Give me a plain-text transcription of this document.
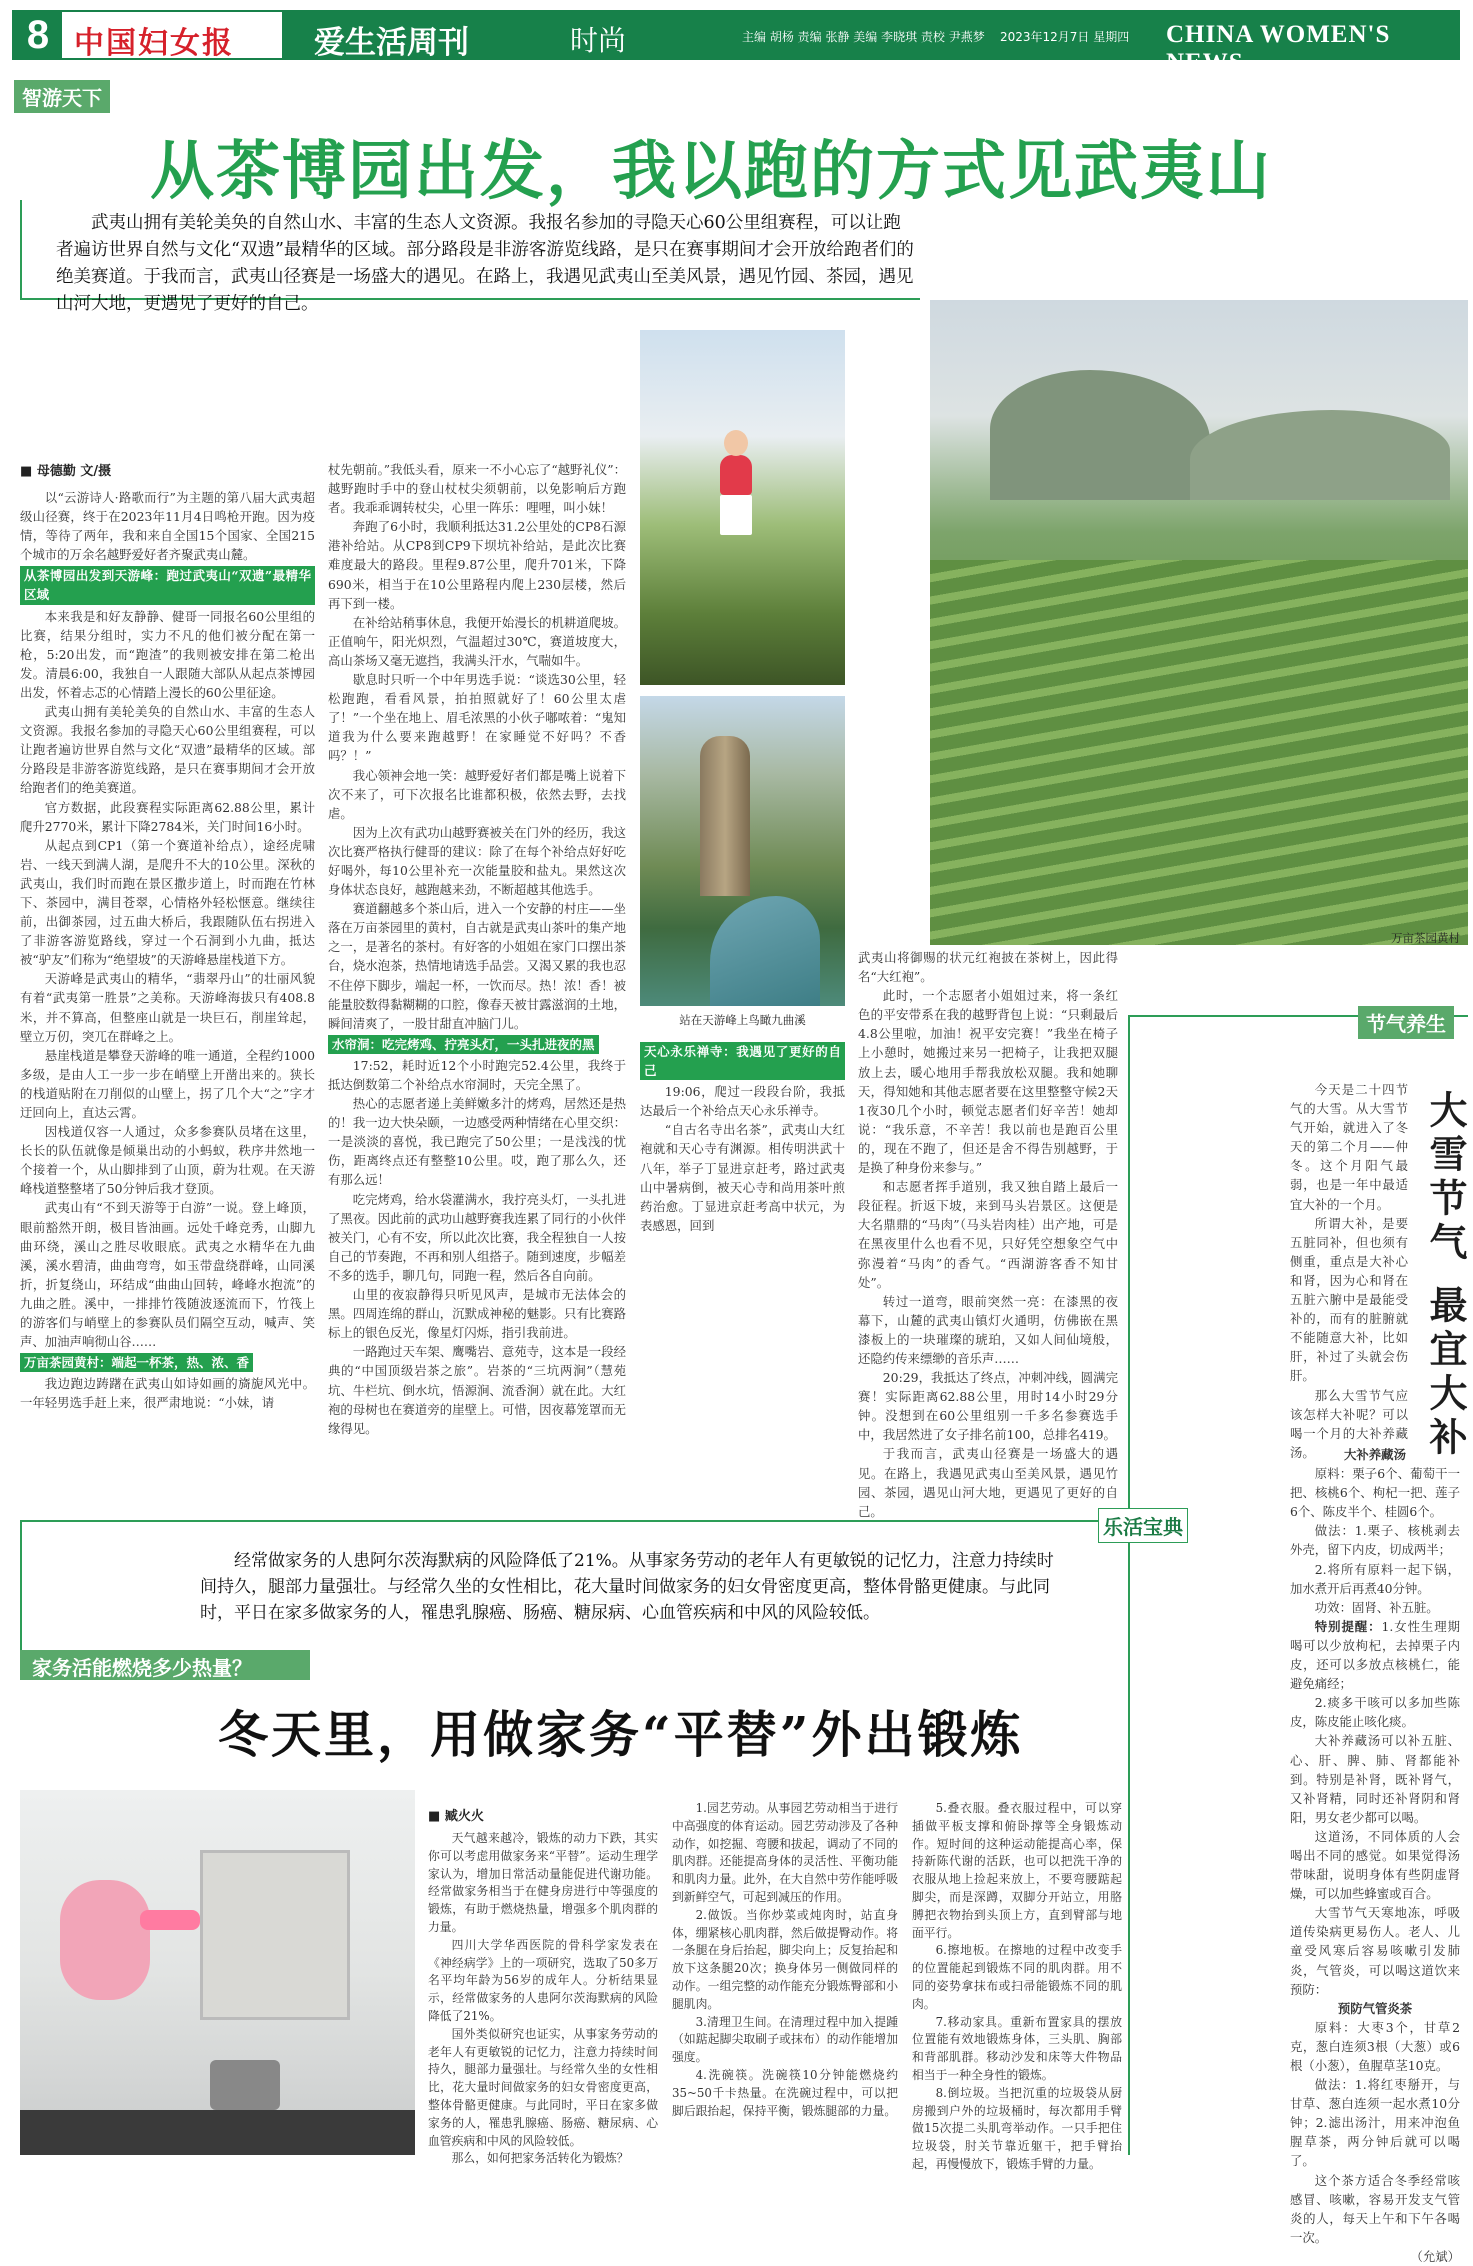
8 中国妇女报	爱生活周刊	时尚	主编 胡杨 责编 张静 美编 李晓琪 责校 尹燕梦 2023年12月7日 星期四 CHINA WOMEN'S NEWS
智游天下
从茶博园出发，我以跑的方式见武夷山
武夷山拥有美轮美奂的自然山水、丰富的生态人文资源。我报名参加的寻隐天心60公里组赛程，可以让跑者遍访世界自然与文化“双遗”最精华的区域。部分路段是非游客游览线路，是只在赛事期间才会开放给跑者们的绝美赛道。于我而言，武夷山径赛是一场盛大的遇见。在路上，我遇见武夷山至美风景，遇见竹园、茶园，遇见山河大地，更遇见了更好的自己。
站在天游峰上鸟瞰九曲溪
万亩茶园黄村
■ 母德勤 文/摄

以“云游诗人·路歌而行”为主题的第八届大武夷超级山径赛，终于在2023年11月4日鸣枪开跑。因为疫情，等待了两年，我和来自全国15个国家、全国215个城市的万余名越野爱好者齐聚武夷山麓。

从茶博园出发到天游峰：跑过武夷山“双遗”最精华区域

本来我是和好友静静、健哥一同报名60公里组的比赛，结果分组时，实力不凡的他们被分配在第一枪，5:20出发，而“跑渣”的我则被安排在第二枪出发。清晨6:00，我独自一人跟随大部队从起点茶博园出发，怀着忐忑的心情踏上漫长的60公里征途。

武夷山拥有美轮美奂的自然山水、丰富的生态人文资源。我报名参加的寻隐天心60公里组赛程，可以让跑者遍访世界自然与文化“双遗”最精华的区域。部分路段是非游客游览线路，是只在赛事期间才会开放给跑者们的绝美赛道。

官方数据，此段赛程实际距离62.88公里，累计爬升2770米，累计下降2784米，关门时间16小时。

从起点到CP1（第一个赛道补给点），途经虎啸岩、一线天到满人湖，是爬升不大的10公里。深秋的武夷山，我们时而跑在景区撒步道上，时而跑在竹林下、茶园中，满目苍翠，心情格外轻松惬意。继续往前，出御茶园，过五曲大桥后，我跟随队伍右拐进入了非游客游览路线，穿过一个石洞到小九曲，抵达被“驴友”们称为“绝望坡”的天游峰悬崖栈道下方。

天游峰是武夷山的精华，“翡翠丹山”的壮丽风貌有着“武夷第一胜景”之美称。天游峰海拔只有408.8米，并不算高，但整座山就是一块巨石，削崖耸起，壁立万仞，突兀在群峰之上。

悬崖栈道是攀登天游峰的唯一通道，全程约1000多级，是由人工一步一步在峭壁上开凿出来的。狭长的栈道贴附在刀削似的山壁上，拐了几个大“之”字才迂回向上，直达云霄。

因栈道仅容一人通过，众多参赛队员堵在这里，长长的队伍就像是倾巢出动的小蚂蚁，秩序井然地一个接着一个，从山脚排到了山顶，蔚为壮观。在天游峰栈道整整堵了50分钟后我才登顶。

武夷山有“不到天游等于白游”一说。登上峰顶，眼前豁然开朗，极目皆油画。远处千峰竞秀，山脚九曲环绕，溪山之胜尽收眼底。武夷之水精华在九曲溪，溪水碧清，曲曲弯弯，如玉带盘绕群峰，山同溪折，折复绕山，环结成“曲曲山回转，峰峰水抱流”的九曲之胜。溪中，一排排竹筏随波逐流而下，竹筏上的游客们与峭壁上的参赛队员们隔空互动，喊声、笑声、加油声响彻山谷……

万亩茶园黄村：端起一杯茶，热、浓、香

我边跑边踌躇在武夷山如诗如画的旖旎风光中。一年轻男选手赶上来，很严肃地说：“小妹，请

杖先朝前。”我低头看，原来一不小心忘了“越野礼仪”：越野跑时手中的登山杖杖尖须朝前，以免影响后方跑者。我乖乖调转杖尖，心里一阵乐：哩哩，叫小妹！

奔跑了6小时，我顺利抵达31.2公里处的CP8石源港补给站。从CP8到CP9下坝坑补给站，是此次比赛难度最大的路段。里程9.87公里，爬升701米，下降690米，相当于在10公里路程内爬上230层楼，然后再下到一楼。

在补给站稍事休息，我便开始漫长的机耕道爬坡。正值响午，阳光炽烈，气温超过30℃，赛道坡度大，高山茶场又毫无遮挡，我满头汗水，气喘如牛。

歇息时只听一个中年男选手说：“谈选30公里，轻松跑跑，看看风景，拍拍照就好了！60公里太虐了！”一个坐在地上、眉毛浓黑的小伙子嘟哝着：“鬼知道我为什么要来跑越野！在家睡觉不好吗？不香吗？！”

我心领神会地一笑：越野爱好者们都是嘴上说着下次不来了，可下次报名比谁都积极，依然去野，去找虐。

因为上次有武功山越野赛被关在门外的经历，我这次比赛严格执行健哥的建议：除了在每个补给点好好吃好喝外，每10公里补充一次能量胶和盐丸。果然这次身体状态良好，越跑越来劲，不断超越其他选手。

赛道翻越多个茶山后，进入一个安静的村庄——坐落在万亩茶园里的黄村，自古就是武夷山茶叶的集产地之一，是著名的茶村。有好客的小姐姐在家门口摆出茶台，烧水泡茶，热情地请选手品尝。又渴又累的我也忍不住停下脚步，端起一杯，一饮而尽。热！浓！香！被能量胶数得黏糊糊的口腔，像春天被甘露滋润的土地，瞬间清爽了，一股甘甜直冲脑门儿。

水帘洞：吃完烤鸡、拧亮头灯，一头扎进夜的黑

17:52，耗时近12个小时跑完52.4公里，我终于抵达倒数第二个补给点水帘洞时，天完全黑了。

热心的志愿者递上美鲜嫩多汁的烤鸡，居然还是热的！我一边大快朵颐，一边感受两种情绪在心里交织：一是淡淡的喜悦，我已跑完了50公里；一是浅浅的忧伤，距离终点还有整整10公里。哎，跑了那么久，还有那么远！

吃完烤鸡，给水袋灌满水，我拧亮头灯，一头扎进了黑夜。因此前的武功山越野赛我连累了同行的小伙伴被关门，心有不安，所以此次比赛，我全程独自一人按自己的节奏跑，不再和别人组搭子。随到速度，步幅差不多的选手，聊几句，同跑一程，然后各自向前。

山里的夜寂静得只听见风声，是城市无法体会的黑。四周连绵的群山，沉默成神秘的魅影。只有比赛路标上的银色反光，像星灯闪烁，指引我前进。

一路跑过天车架、鹰嘴岩、意苑寺，这本是一段经典的“中国顶级岩茶之旅”。岩茶的“三坑两涧”（慧苑坑、牛栏坑、倒水坑，悟源涧、流香涧）就在此。大红袍的母树也在赛道旁的崖壁上。可惜，因夜幕笼罩而无缘得见。

天心永乐禅寺：我遇见了更好的自己

19:06，爬过一段段台阶，我抵达最后一个补给点天心永乐禅寺。

“自古名寺出名茶”，武夷山大红袍就和天心寺有渊源。相传明洪武十八年，举子丁显进京赶考，路过武夷山中暑病倒，被天心寺和尚用茶叶煎药治愈。丁显进京赶考高中状元，为表感恩，回到

武夷山将御赐的状元红袍披在茶树上，因此得名“大红袍”。

此时，一个志愿者小姐姐过来，将一条红色的平安带系在我的越野背包上说：“只剩最后4.8公里啦，加油！祝平安完赛！”我坐在椅子上小憩时，她搬过来另一把椅子，让我把双腿放上去，暖心地用手帮我放松双腿。我和她聊天，得知她和其他志愿者要在这里整整守候2天1夜30几个小时，顿觉志愿者们好辛苦！她却说：“我乐意，不辛苦！我以前也是跑百公里的，现在不跑了，但还是舍不得告别越野，于是换了种身份来参与。”

和志愿者挥手道别，我又独自踏上最后一段征程。折返下坡，来到马头岩景区。这便是大名鼎鼎的“马肉”（马头岩肉桂）出产地，可是在黑夜里什么也看不见，只好凭空想象空气中弥漫着“马肉”的香气。“西湖游客香不知甘处”。

转过一道弯，眼前突然一亮：在漆黑的夜幕下，山麓的武夷山镇灯火通明，仿佛嵌在黑漆板上的一块璀璨的琥珀，又如人间仙境般，还隐约传来缥缈的音乐声……

20:29，我抵达了终点，冲刺冲线，圆满完赛！实际距离62.88公里，用时14小时29分钟。没想到在60公里组别一千多名参赛选手中，我居然进了女子排名前100，总排名419。

于我而言，武夷山径赛是一场盛大的遇见。在路上，我遇见武夷山至美风景，遇见竹园、茶园，遇见山河大地，更遇见了更好的自己。

节气养生
大雪节气 最宜大补

今天是二十四节气的大雪。从大雪节气开始，就进入了冬天的第二个月——仲冬。这个月阳气最弱，也是一年中最适宜大补的一个月。

所谓大补，是要五脏同补，但也须有侧重，重点是大补心和肾，因为心和肾在五脏六腑中是最能受补的，而有的脏腑就不能随意大补，比如肝，补过了头就会伤肝。

那么大雪节气应该怎样大补呢？可以喝一个月的大补养藏汤。	大补养藏汤

原料：栗子6个、葡萄干一把、核桃6个、枸杞一把、莲子6个、陈皮半个、桂圆6个。

做法：1.栗子、核桃剥去外壳，留下内皮，切成两半；

2.将所有原料一起下锅，加水煮开后再煮40分钟。

功效：固肾、补五脏。

特别提醒：1.女性生理期喝可以少放枸杞，去掉栗子内皮，还可以多放点核桃仁，能避免痛经；

2.痰多干咳可以多加些陈皮，陈皮能止咳化痰。

大补养藏汤可以补五脏、心、肝、脾、肺、肾都能补到。特别是补肾，既补肾气，又补肾精，同时还补肾阴和肾阳，男女老少都可以喝。

这道汤，不同体质的人会喝出不同的感觉。如果觉得汤带味甜，说明身体有些阴虚肾燥，可以加些蜂蜜或百合。

大雪节气天寒地冻，呼吸道传染病更易伤人。老人、儿童受风寒后容易咳嗽引发肺炎，气管炎，可以喝这道饮来预防：

预防气管炎茶

原料：大枣3个，甘草2克，葱白连须3根（大葱）或6根（小葱），鱼腥草茎10克。

做法：1.将红枣掰开，与甘草、葱白连须一起水煮10分钟；2.滤出汤汁，用来冲泡鱼腥草茶，两分钟后就可以喝了。

这个茶方适合冬季经常咳感冒、咳嗽，容易开发支气管炎的人，每天上午和下午各喝一次。

（允斌）

乐活宝典
经常做家务的人患阿尔茨海默病的风险降低了21%。从事家务劳动的老年人有更敏锐的记忆力，注意力持续时间持久，腿部力量强壮。与经常久坐的女性相比，花大量时间做家务的妇女骨密度更高，整体骨骼更健康。与此同时，平日在家多做家务的人，罹患乳腺癌、肠癌、糖尿病、心血管疾病和中风的风险较低。
家务活能燃烧多少热量？
冬天里，用做家务“平替”外出锻炼
■ 臧火火

天气越来越冷，锻炼的动力下跌，其实你可以考虑用做家务来“平替”。运动生理学家认为，增加日常活动量能促进代谢功能。经常做家务相当于在健身房进行中等强度的锻炼，有助于燃烧热量，增强多个肌肉群的力量。

四川大学华西医院的骨科学家发表在《神经病学》上的一项研究，选取了50多万名平均年龄为56岁的成年人。分析结果显示，经常做家务的人患阿尔茨海默病的风险降低了21%。

国外类似研究也证实，从事家务劳动的老年人有更敏锐的记忆力，注意力持续时间持久，腿部力量强壮。与经常久坐的女性相比，花大量时间做家务的妇女骨密度更高，整体骨骼更健康。与此同时，平日在家多做家务的人，罹患乳腺癌、肠癌、糖尿病、心血管疾病和中风的风险较低。

那么，如何把家务活转化为锻炼？

1.园艺劳动。从事园艺劳动相当于进行中高强度的体育运动。园艺劳动涉及了各种动作，如挖掘、弯腰和拔起，调动了不同的肌肉群。还能提高身体的灵活性、平衡功能和肌肉力量。此外，在大自然中劳作能呼吸到新鲜空气，可起到减压的作用。

2.做饭。当你炒菜或炖肉时，站直身体，绷紧核心肌肉群，然后做提臀动作。将一条腿在身后抬起，脚尖向上；反复抬起和放下这条腿20次；换身体另一侧做同样的动作。一组完整的动作能充分锻炼臀部和小腿肌肉。

3.清理卫生间。在清理过程中加入提踵（如踮起脚尖取刷子或抹布）的动作能增加强度。

4.洗碗筷。洗碗筷10分钟能燃烧约35~50千卡热量。在洗碗过程中，可以把脚后跟抬起，保持平衡，锻炼腿部的力量。

5.叠衣服。叠衣服过程中，可以穿插做平板支撑和俯卧撑等全身锻炼动作。短时间的这种运动能提高心率，保持新陈代谢的活跃，也可以把洗干净的衣服从地上捡起来放上，不要弯腰踮起脚尖，而是深蹲，双脚分开站立，用胳膊把衣物抬到头顶上方，直到臂部与地面平行。

6.擦地板。在擦地的过程中改变手的位置能起到锻炼不同的肌肉群。用不同的姿势拿抹布或扫帚能锻炼不同的肌肉。

7.移动家具。重新布置家具的摆放位置能有效地锻炼身体，三头肌、胸部和背部肌群。移动沙发和床等大件物品相当于一种全身性的锻炼。

8.倒垃圾。当把沉重的垃圾袋从厨房搬到户外的垃圾桶时，每次都用手臂做15次提二头肌弯举动作。一只手把住垃圾袋，肘关节靠近躯干，把手臂抬起，再慢慢放下，锻炼手臂的力量。
